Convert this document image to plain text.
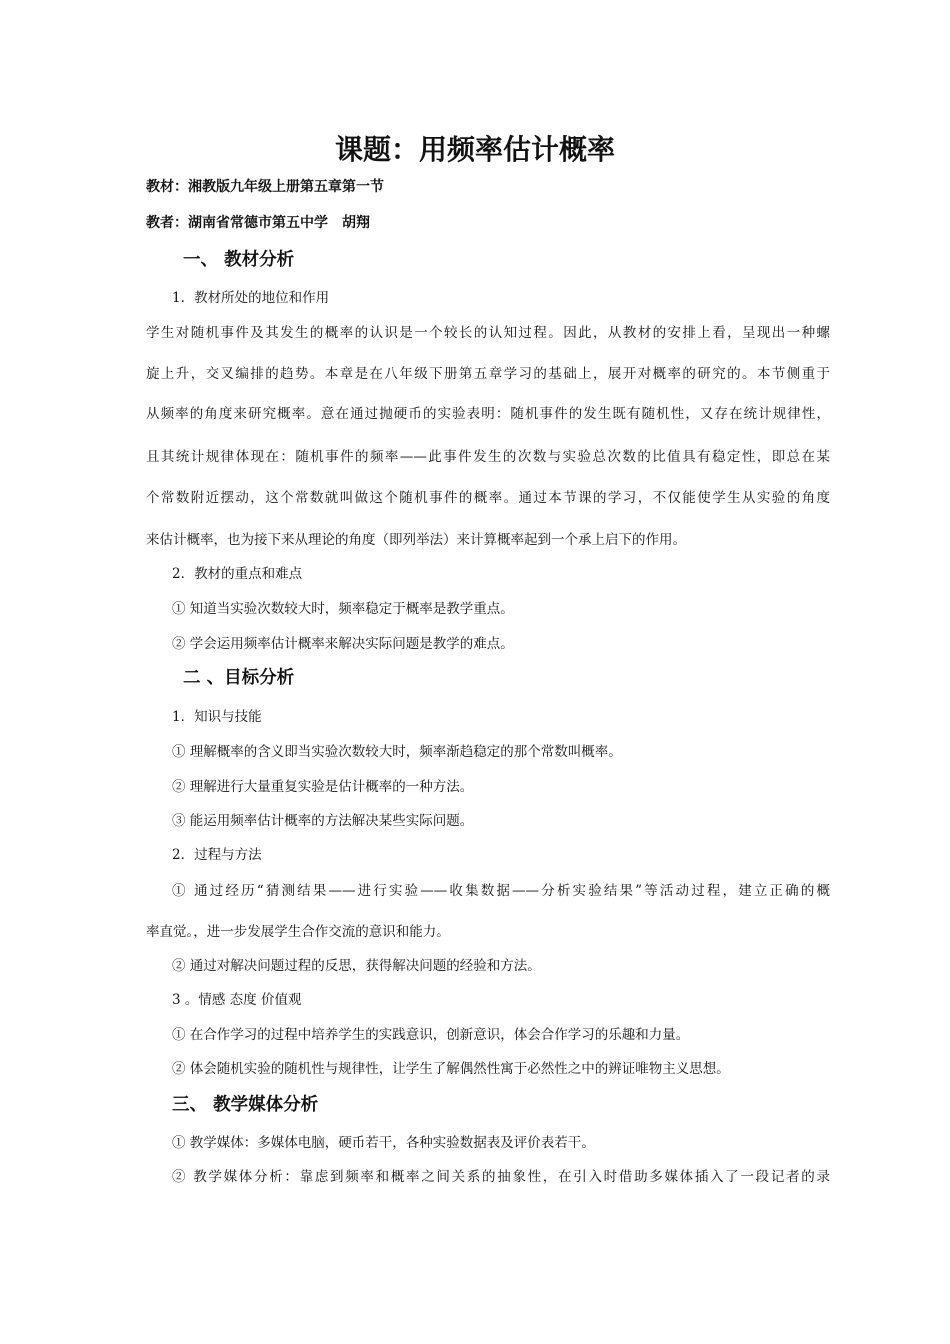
课题：用频率估计概率
教材：湘教版九年级上册第五章第一节
教者：湖南省常德市第五中学　胡翔
一、 教材分析
1．教材所处的地位和作用
学生对随机事件及其发生的概率的认识是一个较长的认知过程。因此，从教材的安排上看，呈现出一种螺
旋上升，交叉编排的趋势。本章是在八年级下册第五章学习的基础上，展开对概率的研究的。本节侧重于
从频率的角度来研究概率。意在通过抛硬币的实验表明：随机事件的发生既有随机性，又存在统计规律性，
且其统计规律体现在：随机事件的频率——此事件发生的次数与实验总次数的比值具有稳定性，即总在某
个常数附近摆动，这个常数就叫做这个随机事件的概率。通过本节课的学习，不仅能使学生从实验的角度
来估计概率，也为接下来从理论的角度（即列举法）来计算概率起到一个承上启下的作用。
2．教材的重点和难点
① 知道当实验次数较大时，频率稳定于概率是教学重点。
② 学会运用频率估计概率来解决实际问题是教学的难点。
二 、目标分析
1．知识与技能
① 理解概率的含义即当实验次数较大时，频率渐趋稳定的那个常数叫概率。
② 理解进行大量重复实验是估计概率的一种方法。
③ 能运用频率估计概率的方法解决某些实际问题。
2．过程与方法
① 通过经历“猜测结果——进行实验——收集数据——分析实验结果”等活动过程，建立正确的概
率直觉。，进一步发展学生合作交流的意识和能力。
② 通过对解决问题过程的反思，获得解决问题的经验和方法。
3 。情感 态度 价值观
① 在合作学习的过程中培养学生的实践意识，创新意识，体会合作学习的乐趣和力量。
② 体会随机实验的随机性与规律性，让学生了解偶然性寓于必然性之中的辨证唯物主义思想。
三、 教学媒体分析
① 教学媒体：多媒体电脑，硬币若干，各种实验数据表及评价表若干。
② 教学媒体分析：靠虑到频率和概率之间关系的抽象性，在引入时借助多媒体插入了一段记者的录
